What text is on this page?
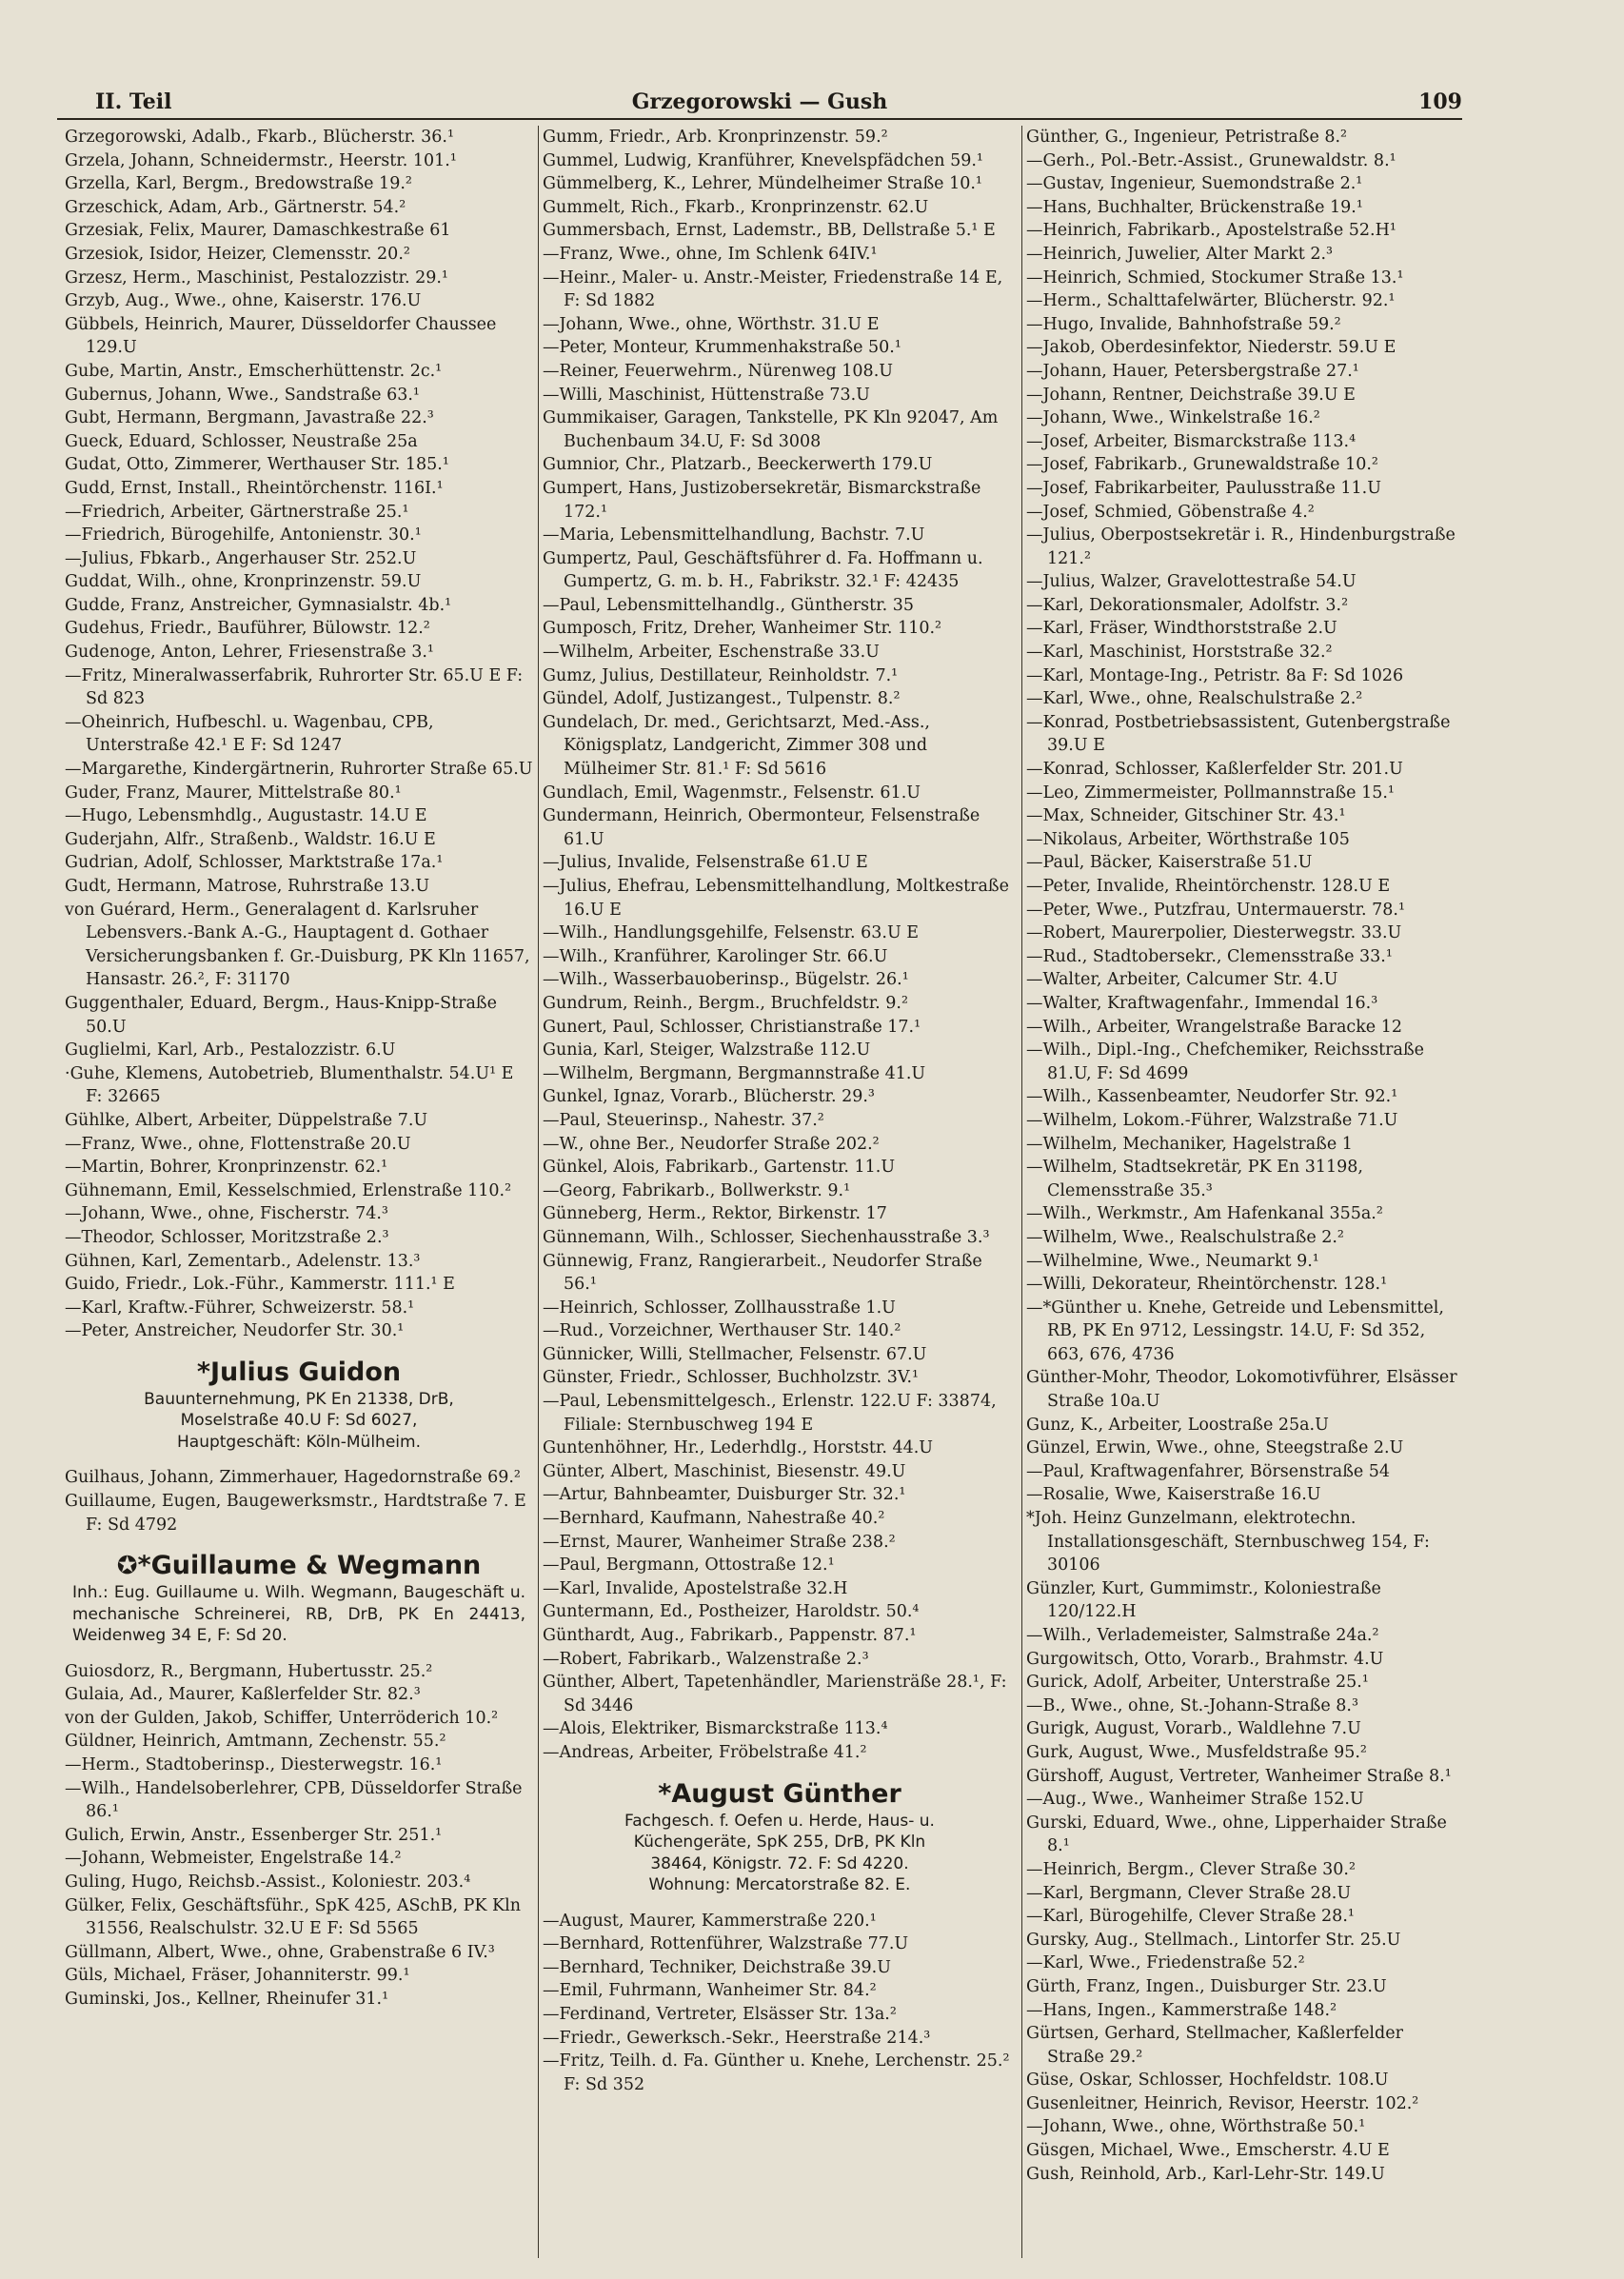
II. Teil	Grzegorowski — Gush	109
Grzegorowski, Adalb., Fkarb., Blücherstr. 36.¹
Grzela, Johann, Schneidermstr., Heerstr. 101.¹
Grzella, Karl, Bergm., Bredowstraße 19.²
Grzeschick, Adam, Arb., Gärtnerstr. 54.²
Grzesiak, Felix, Maurer, Damaschkestraße 61
Grzesiok, Isidor, Heizer, Clemensstr. 20.²
Grzesz, Herm., Maschinist, Pestalozzistr. 29.¹
Grzyb, Aug., Wwe., ohne, Kaiserstr. 176.U
Gübbels, Heinrich, Maurer, Düsseldorfer Chaussee 129.U
Gube, Martin, Anstr., Emscherhüttenstr. 2c.¹
Gubernus, Johann, Wwe., Sandstraße 63.¹
Gubt, Hermann, Bergmann, Javastraße 22.³
Gueck, Eduard, Schlosser, Neustraße 25a
Gudat, Otto, Zimmerer, Werthauser Str. 185.¹
Gudd, Ernst, Install., Rheintörchenstr. 116I.¹
—Friedrich, Arbeiter, Gärtnerstraße 25.¹
—Friedrich, Bürogehilfe, Antonienstr. 30.¹
—Julius, Fbkarb., Angerhauser Str. 252.U
Guddat, Wilh., ohne, Kronprinzenstr. 59.U
Gudde, Franz, Anstreicher, Gymnasialstr. 4b.¹
Gudehus, Friedr., Bauführer, Bülowstr. 12.²
Gudenoge, Anton, Lehrer, Friesenstraße 3.¹
—Fritz, Mineralwasserfabrik, Ruhrorter Str. 65.U E F: Sd 823
—Oheinrich, Hufbeschl. u. Wagenbau, CPB, Unterstraße 42.¹ E F: Sd 1247
—Margarethe, Kindergärtnerin, Ruhrorter Straße 65.U
Guder, Franz, Maurer, Mittelstraße 80.¹
—Hugo, Lebensmhdlg., Augustastr. 14.U E
Guderjahn, Alfr., Straßenb., Waldstr. 16.U E
Gudrian, Adolf, Schlosser, Marktstraße 17a.¹
Gudt, Hermann, Matrose, Ruhrstraße 13.U
von Guérard, Herm., Generalagent d. Karlsruher Lebensvers.-Bank A.-G., Hauptagent d. Gothaer Versicherungsbanken f. Gr.-Duisburg, PK Kln 11657, Hansastr. 26.², F: 31170
Guggenthaler, Eduard, Bergm., Haus-Knipp-Straße 50.U
Guglielmi, Karl, Arb., Pestalozzistr. 6.U
·Guhe, Klemens, Autobetrieb, Blumenthalstr. 54.U¹ E F: 32665
Gühlke, Albert, Arbeiter, Düppelstraße 7.U
—Franz, Wwe., ohne, Flottenstraße 20.U
—Martin, Bohrer, Kronprinzenstr. 62.¹
Gühnemann, Emil, Kesselschmied, Erlenstraße 110.²
—Johann, Wwe., ohne, Fischerstr. 74.³
—Theodor, Schlosser, Moritzstraße 2.³
Gühnen, Karl, Zementarb., Adelenstr. 13.³
Guido, Friedr., Lok.-Führ., Kammerstr. 111.¹ E
—Karl, Kraftw.-Führer, Schweizerstr. 58.¹
—Peter, Anstreicher, Neudorfer Str. 30.¹
*Julius Guidon
Bauunternehmung, PK En 21338, DrB,
Moselstraße 40.U F: Sd 6027,
Hauptgeschäft: Köln-Mülheim.
Guilhaus, Johann, Zimmerhauer, Hagedornstraße 69.²
Guillaume, Eugen, Baugewerksmstr., Hardtstraße 7. E F: Sd 4792
✪*Guillaume & Wegmann
Inh.: Eug. Guillaume u. Wilh. Wegmann, Baugeschäft u. mechanische Schreinerei, RB, DrB, PK En 24413, Weidenweg 34 E, F: Sd 20.
Guiosdorz, R., Bergmann, Hubertusstr. 25.²
Gulaia, Ad., Maurer, Kaßlerfelder Str. 82.³
von der Gulden, Jakob, Schiffer, Unterröderich 10.²
Güldner, Heinrich, Amtmann, Zechenstr. 55.²
—Herm., Stadtoberinsp., Diesterwegstr. 16.¹
—Wilh., Handelsoberlehrer, CPB, Düsseldorfer Straße 86.¹
Gulich, Erwin, Anstr., Essenberger Str. 251.¹
—Johann, Webmeister, Engelstraße 14.²
Guling, Hugo, Reichsb.-Assist., Koloniestr. 203.⁴
Gülker, Felix, Geschäftsführ., SpK 425, ASchB, PK Kln 31556, Realschulstr. 32.U E F: Sd 5565
Güllmann, Albert, Wwe., ohne, Grabenstraße 6 IV.³
Güls, Michael, Fräser, Johanniterstr. 99.¹
Guminski, Jos., Kellner, Rheinufer 31.¹
Gumm, Friedr., Arb. Kronprinzenstr. 59.²
Gummel, Ludwig, Kranführer, Knevelspfädchen 59.¹
Gümmelberg, K., Lehrer, Mündelheimer Straße 10.¹
Gummelt, Rich., Fkarb., Kronprinzenstr. 62.U
Gummersbach, Ernst, Lademstr., BB, Dellstraße 5.¹ E
—Franz, Wwe., ohne, Im Schlenk 64IV.¹
—Heinr., Maler- u. Anstr.-Meister, Friedenstraße 14 E, F: Sd 1882
—Johann, Wwe., ohne, Wörthstr. 31.U E
—Peter, Monteur, Krummenhakstraße 50.¹
—Reiner, Feuerwehrm., Nürenweg 108.U
—Willi, Maschinist, Hüttenstraße 73.U
Gummikaiser, Garagen, Tankstelle, PK Kln 92047, Am Buchenbaum 34.U, F: Sd 3008
Gumnior, Chr., Platzarb., Beeckerwerth 179.U
Gumpert, Hans, Justizobersekretär, Bismarckstraße 172.¹
—Maria, Lebensmittelhandlung, Bachstr. 7.U
Gumpertz, Paul, Geschäftsführer d. Fa. Hoffmann u. Gumpertz, G. m. b. H., Fabrikstr. 32.¹ F: 42435
—Paul, Lebensmittelhandlg., Güntherstr. 35
Gumposch, Fritz, Dreher, Wanheimer Str. 110.²
—Wilhelm, Arbeiter, Eschenstraße 33.U
Gumz, Julius, Destillateur, Reinholdstr. 7.¹
Gündel, Adolf, Justizangest., Tulpenstr. 8.²
Gundelach, Dr. med., Gerichtsarzt, Med.-Ass., Königsplatz, Landgericht, Zimmer 308 und Mülheimer Str. 81.¹ F: Sd 5616
Gundlach, Emil, Wagenmstr., Felsenstr. 61.U
Gundermann, Heinrich, Obermonteur, Felsenstraße 61.U
—Julius, Invalide, Felsenstraße 61.U E
—Julius, Ehefrau, Lebensmittelhandlung, Moltkestraße 16.U E
—Wilh., Handlungsgehilfe, Felsenstr. 63.U E
—Wilh., Kranführer, Karolinger Str. 66.U
—Wilh., Wasserbauoberinsp., Bügelstr. 26.¹
Gundrum, Reinh., Bergm., Bruchfeldstr. 9.²
Gunert, Paul, Schlosser, Christianstraße 17.¹
Gunia, Karl, Steiger, Walzstraße 112.U
—Wilhelm, Bergmann, Bergmannstraße 41.U
Gunkel, Ignaz, Vorarb., Blücherstr. 29.³
—Paul, Steuerinsp., Nahestr. 37.²
—W., ohne Ber., Neudorfer Straße 202.²
Günkel, Alois, Fabrikarb., Gartenstr. 11.U
—Georg, Fabrikarb., Bollwerkstr. 9.¹
Günneberg, Herm., Rektor, Birkenstr. 17
Günnemann, Wilh., Schlosser, Siechenhausstraße 3.³
Günnewig, Franz, Rangierarbeit., Neudorfer Straße 56.¹
—Heinrich, Schlosser, Zollhausstraße 1.U
—Rud., Vorzeichner, Werthauser Str. 140.²
Günnicker, Willi, Stellmacher, Felsenstr. 67.U
Günster, Friedr., Schlosser, Buchholzstr. 3V.¹
—Paul, Lebensmittelgesch., Erlenstr. 122.U F: 33874, Filiale: Sternbuschweg 194 E
Guntenhöhner, Hr., Lederhdlg., Horststr. 44.U
Günter, Albert, Maschinist, Biesenstr. 49.U
—Artur, Bahnbeamter, Duisburger Str. 32.¹
—Bernhard, Kaufmann, Nahestraße 40.²
—Ernst, Maurer, Wanheimer Straße 238.²
—Paul, Bergmann, Ottostraße 12.¹
—Karl, Invalide, Apostelstraße 32.H
Guntermann, Ed., Postheizer, Haroldstr. 50.⁴
Günthardt, Aug., Fabrikarb., Pappenstr. 87.¹
—Robert, Fabrikarb., Walzenstraße 2.³
Günther, Albert, Tapetenhändler, Mariensträße 28.¹, F: Sd 3446
—Alois, Elektriker, Bismarckstraße 113.⁴
—Andreas, Arbeiter, Fröbelstraße 41.²
*August Günther
Fachgesch. f. Oefen u. Herde, Haus- u.
Küchengeräte, SpK 255, DrB, PK Kln
38464, Königstr. 72. F: Sd 4220.
Wohnung: Mercatorstraße 82. E.
—August, Maurer, Kammerstraße 220.¹
—Bernhard, Rottenführer, Walzstraße 77.U
—Bernhard, Techniker, Deichstraße 39.U
—Emil, Fuhrmann, Wanheimer Str. 84.²
—Ferdinand, Vertreter, Elsässer Str. 13a.²
—Friedr., Gewerksch.-Sekr., Heerstraße 214.³
—Fritz, Teilh. d. Fa. Günther u. Knehe, Lerchenstr. 25.² F: Sd 352
Günther, G., Ingenieur, Petristraße 8.²
—Gerh., Pol.-Betr.-Assist., Grunewaldstr. 8.¹
—Gustav, Ingenieur, Suemondstraße 2.¹
—Hans, Buchhalter, Brückenstraße 19.¹
—Heinrich, Fabrikarb., Apostelstraße 52.H¹
—Heinrich, Juwelier, Alter Markt 2.³
—Heinrich, Schmied, Stockumer Straße 13.¹
—Herm., Schalttafelwärter, Blücherstr. 92.¹
—Hugo, Invalide, Bahnhofstraße 59.²
—Jakob, Oberdesinfektor, Niederstr. 59.U E
—Johann, Hauer, Petersbergstraße 27.¹
—Johann, Rentner, Deichstraße 39.U E
—Johann, Wwe., Winkelstraße 16.²
—Josef, Arbeiter, Bismarckstraße 113.⁴
—Josef, Fabrikarb., Grunewaldstraße 10.²
—Josef, Fabrikarbeiter, Paulusstraße 11.U
—Josef, Schmied, Göbenstraße 4.²
—Julius, Oberpostsekretär i. R., Hindenburgstraße 121.²
—Julius, Walzer, Gravelottestraße 54.U
—Karl, Dekorationsmaler, Adolfstr. 3.²
—Karl, Fräser, Windthorststraße 2.U
—Karl, Maschinist, Horststraße 32.²
—Karl, Montage-Ing., Petristr. 8a F: Sd 1026
—Karl, Wwe., ohne, Realschulstraße 2.²
—Konrad, Postbetriebsassistent, Gutenbergstraße 39.U E
—Konrad, Schlosser, Kaßlerfelder Str. 201.U
—Leo, Zimmermeister, Pollmannstraße 15.¹
—Max, Schneider, Gitschiner Str. 43.¹
—Nikolaus, Arbeiter, Wörthstraße 105
—Paul, Bäcker, Kaiserstraße 51.U
—Peter, Invalide, Rheintörchenstr. 128.U E
—Peter, Wwe., Putzfrau, Untermauerstr. 78.¹
—Robert, Maurerpolier, Diesterwegstr. 33.U
—Rud., Stadtobersekr., Clemensstraße 33.¹
—Walter, Arbeiter, Calcumer Str. 4.U
—Walter, Kraftwagenfahr., Immendal 16.³
—Wilh., Arbeiter, Wrangelstraße Baracke 12
—Wilh., Dipl.-Ing., Chefchemiker, Reichsstraße 81.U, F: Sd 4699
—Wilh., Kassenbeamter, Neudorfer Str. 92.¹
—Wilhelm, Lokom.-Führer, Walzstraße 71.U
—Wilhelm, Mechaniker, Hagelstraße 1
—Wilhelm, Stadtsekretär, PK En 31198, Clemensstraße 35.³
—Wilh., Werkmstr., Am Hafenkanal 355a.²
—Wilhelm, Wwe., Realschulstraße 2.²
—Wilhelmine, Wwe., Neumarkt 9.¹
—Willi, Dekorateur, Rheintörchenstr. 128.¹
—*Günther u. Knehe, Getreide und Lebensmittel, RB, PK En 9712, Lessingstr. 14.U, F: Sd 352, 663, 676, 4736
Günther-Mohr, Theodor, Lokomotivführer, Elsässer Straße 10a.U
Gunz, K., Arbeiter, Loostraße 25a.U
Günzel, Erwin, Wwe., ohne, Steegstraße 2.U
—Paul, Kraftwagenfahrer, Börsenstraße 54
—Rosalie, Wwe, Kaiserstraße 16.U
*Joh. Heinz Gunzelmann, elektrotechn. Installationsgeschäft, Sternbuschweg 154, F: 30106
Günzler, Kurt, Gummimstr., Koloniestraße 120/122.H
—Wilh., Verlademeister, Salmstraße 24a.²
Gurgowitsch, Otto, Vorarb., Brahmstr. 4.U
Gurick, Adolf, Arbeiter, Unterstraße 25.¹
—B., Wwe., ohne, St.-Johann-Straße 8.³
Gurigk, August, Vorarb., Waldlehne 7.U
Gurk, August, Wwe., Musfeldstraße 95.²
Gürshoff, August, Vertreter, Wanheimer Straße 8.¹
—Aug., Wwe., Wanheimer Straße 152.U
Gurski, Eduard, Wwe., ohne, Lipperhaider Straße 8.¹
—Heinrich, Bergm., Clever Straße 30.²
—Karl, Bergmann, Clever Straße 28.U
—Karl, Bürogehilfe, Clever Straße 28.¹
Gursky, Aug., Stellmach., Lintorfer Str. 25.U
—Karl, Wwe., Friedenstraße 52.²
Gürth, Franz, Ingen., Duisburger Str. 23.U
—Hans, Ingen., Kammerstraße 148.²
Gürtsen, Gerhard, Stellmacher, Kaßlerfelder Straße 29.²
Güse, Oskar, Schlosser, Hochfeldstr. 108.U
Gusenleitner, Heinrich, Revisor, Heerstr. 102.²
—Johann, Wwe., ohne, Wörthstraße 50.¹
Güsgen, Michael, Wwe., Emscherstr. 4.U E
Gush, Reinhold, Arb., Karl-Lehr-Str. 149.U
